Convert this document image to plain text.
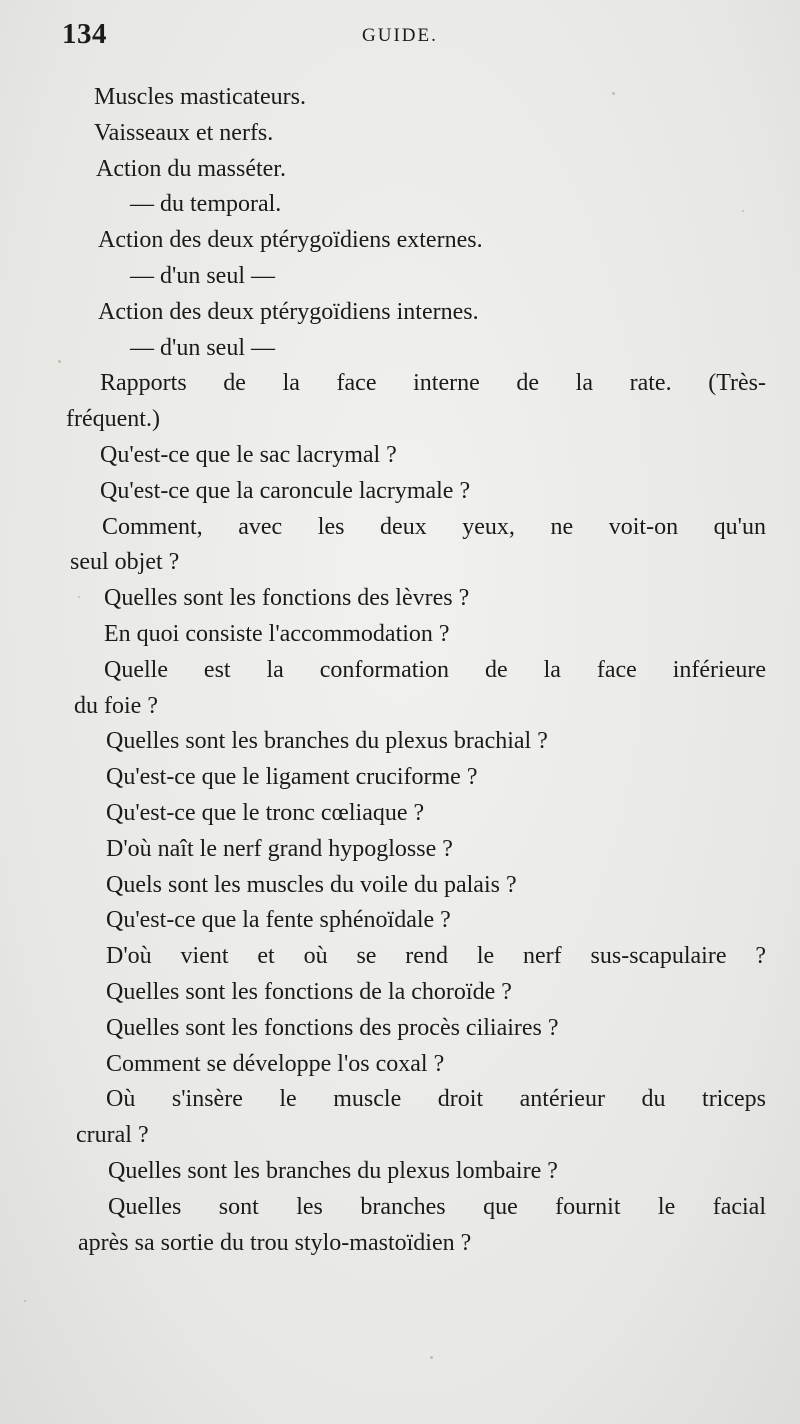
134	GUIDE.
Muscles masticateurs.
Vaisseaux et nerfs.
Action du masséter.
— du temporal.
Action des deux ptérygoïdiens externes.
— d'un seul —
Action des deux ptérygoïdiens internes.
— d'un seul —
Rapports de la face interne de la rate. (Très-
fréquent.)
Qu'est-ce que le sac lacrymal ?
Qu'est-ce que la caroncule lacrymale ?
Comment, avec les deux yeux, ne voit-on qu'un
seul objet ?
Quelles sont les fonctions des lèvres ?
En quoi consiste l'accommodation ?
Quelle est la conformation de la face inférieure
du foie ?
Quelles sont les branches du plexus brachial ?
Qu'est-ce que le ligament cruciforme ?
Qu'est-ce que le tronc cœliaque ?
D'où naît le nerf grand hypoglosse ?
Quels sont les muscles du voile du palais ?
Qu'est-ce que la fente sphénoïdale ?
D'où vient et où se rend le nerf sus-scapulaire ?
Quelles sont les fonctions de la choroïde ?
Quelles sont les fonctions des procès ciliaires ?
Comment se développe l'os coxal ?
Où s'insère le muscle droit antérieur du triceps
crural ?
Quelles sont les branches du plexus lombaire ?
Quelles sont les branches que fournit le facial
après sa sortie du trou stylo-mastoïdien ?
